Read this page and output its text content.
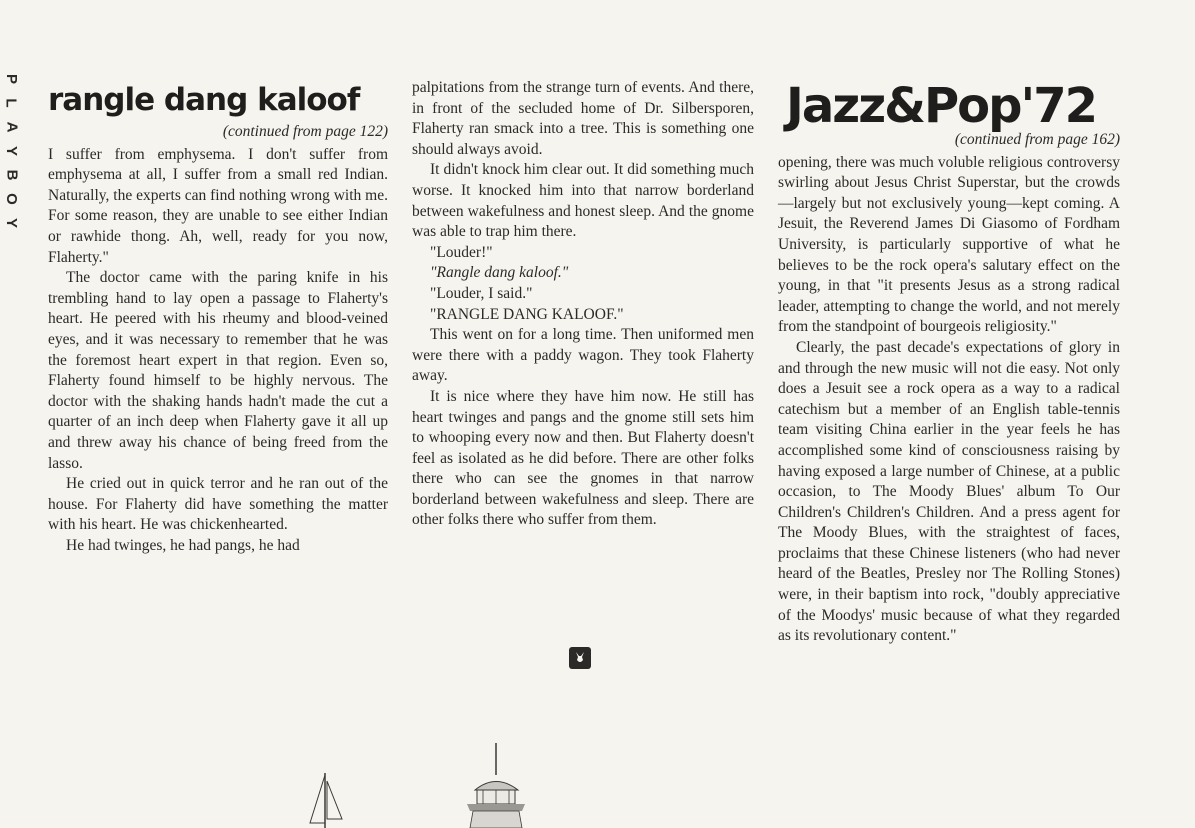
P
L
A
Y
B
O
Y
rangle dang kaloof

(continued from page 122)

I suffer from emphysema. I don't suffer from emphysema at all, I suffer from a small red Indian. Naturally, the experts can find nothing wrong with me. For some reason, they are unable to see either Indian or rawhide thong. Ah, well, ready for you now, Flaherty."

The doctor came with the paring knife in his trembling hand to lay open a passage to Flaherty's heart. He peered with his rheumy and blood-veined eyes, and it was necessary to remember that he was the foremost heart expert in that region. Even so, Flaherty found himself to be highly nervous. The doctor with the shaking hands hadn't made the cut a quarter of an inch deep when Flaherty gave it all up and threw away his chance of being freed from the lasso.

He cried out in quick terror and he ran out of the house. For Flaherty did have something the matter with his heart. He was chickenhearted.

He had twinges, he had pangs, he had

palpitations from the strange turn of events. And there, in front of the secluded home of Dr. Silbersporen, Flaherty ran smack into a tree. This is something one should always avoid.

It didn't knock him clear out. It did something much worse. It knocked him into that narrow borderland between wakefulness and honest sleep. And the gnome was able to trap him there.

"Louder!"

"Rangle dang kaloof."

"Louder, I said."

"RANGLE DANG KALOOF."

This went on for a long time. Then uniformed men were there with a paddy wagon. They took Flaherty away.

It is nice where they have him now. He still has heart twinges and pangs and the gnome still sets him to whooping every now and then. But Flaherty doesn't feel as isolated as he did before. There are other folks there who can see the gnomes in that narrow borderland between wakefulness and sleep. There are other folks there who suffer from them.

Jazz&Pop'72

(continued from page 162)

opening, there was much voluble religious controversy swirling about Jesus Christ Superstar, but the crowds—largely but not exclusively young—kept coming. A Jesuit, the Reverend James Di Giasomo of Fordham University, is particularly supportive of what he believes to be the rock opera's salutary effect on the young, in that "it presents Jesus as a strong radical leader, attempting to change the world, and not merely from the standpoint of bourgeois religiosity."

Clearly, the past decade's expectations of glory in and through the new music will not die easy. Not only does a Jesuit see a rock opera as a way to a radical catechism but a member of an English table-tennis team visiting China earlier in the year feels he has accomplished some kind of consciousness raising by having exposed a large number of Chinese, at a public occasion, to The Moody Blues' album To Our Children's Children's Children. And a press agent for The Moody Blues, with the straightest of faces, proclaims that these Chinese listeners (who had never heard of the Beatles, Presley nor The Rolling Stones) were, in their baptism into rock, "doubly appreciative of the Moodys' music because of what they regarded as its revolutionary content."
